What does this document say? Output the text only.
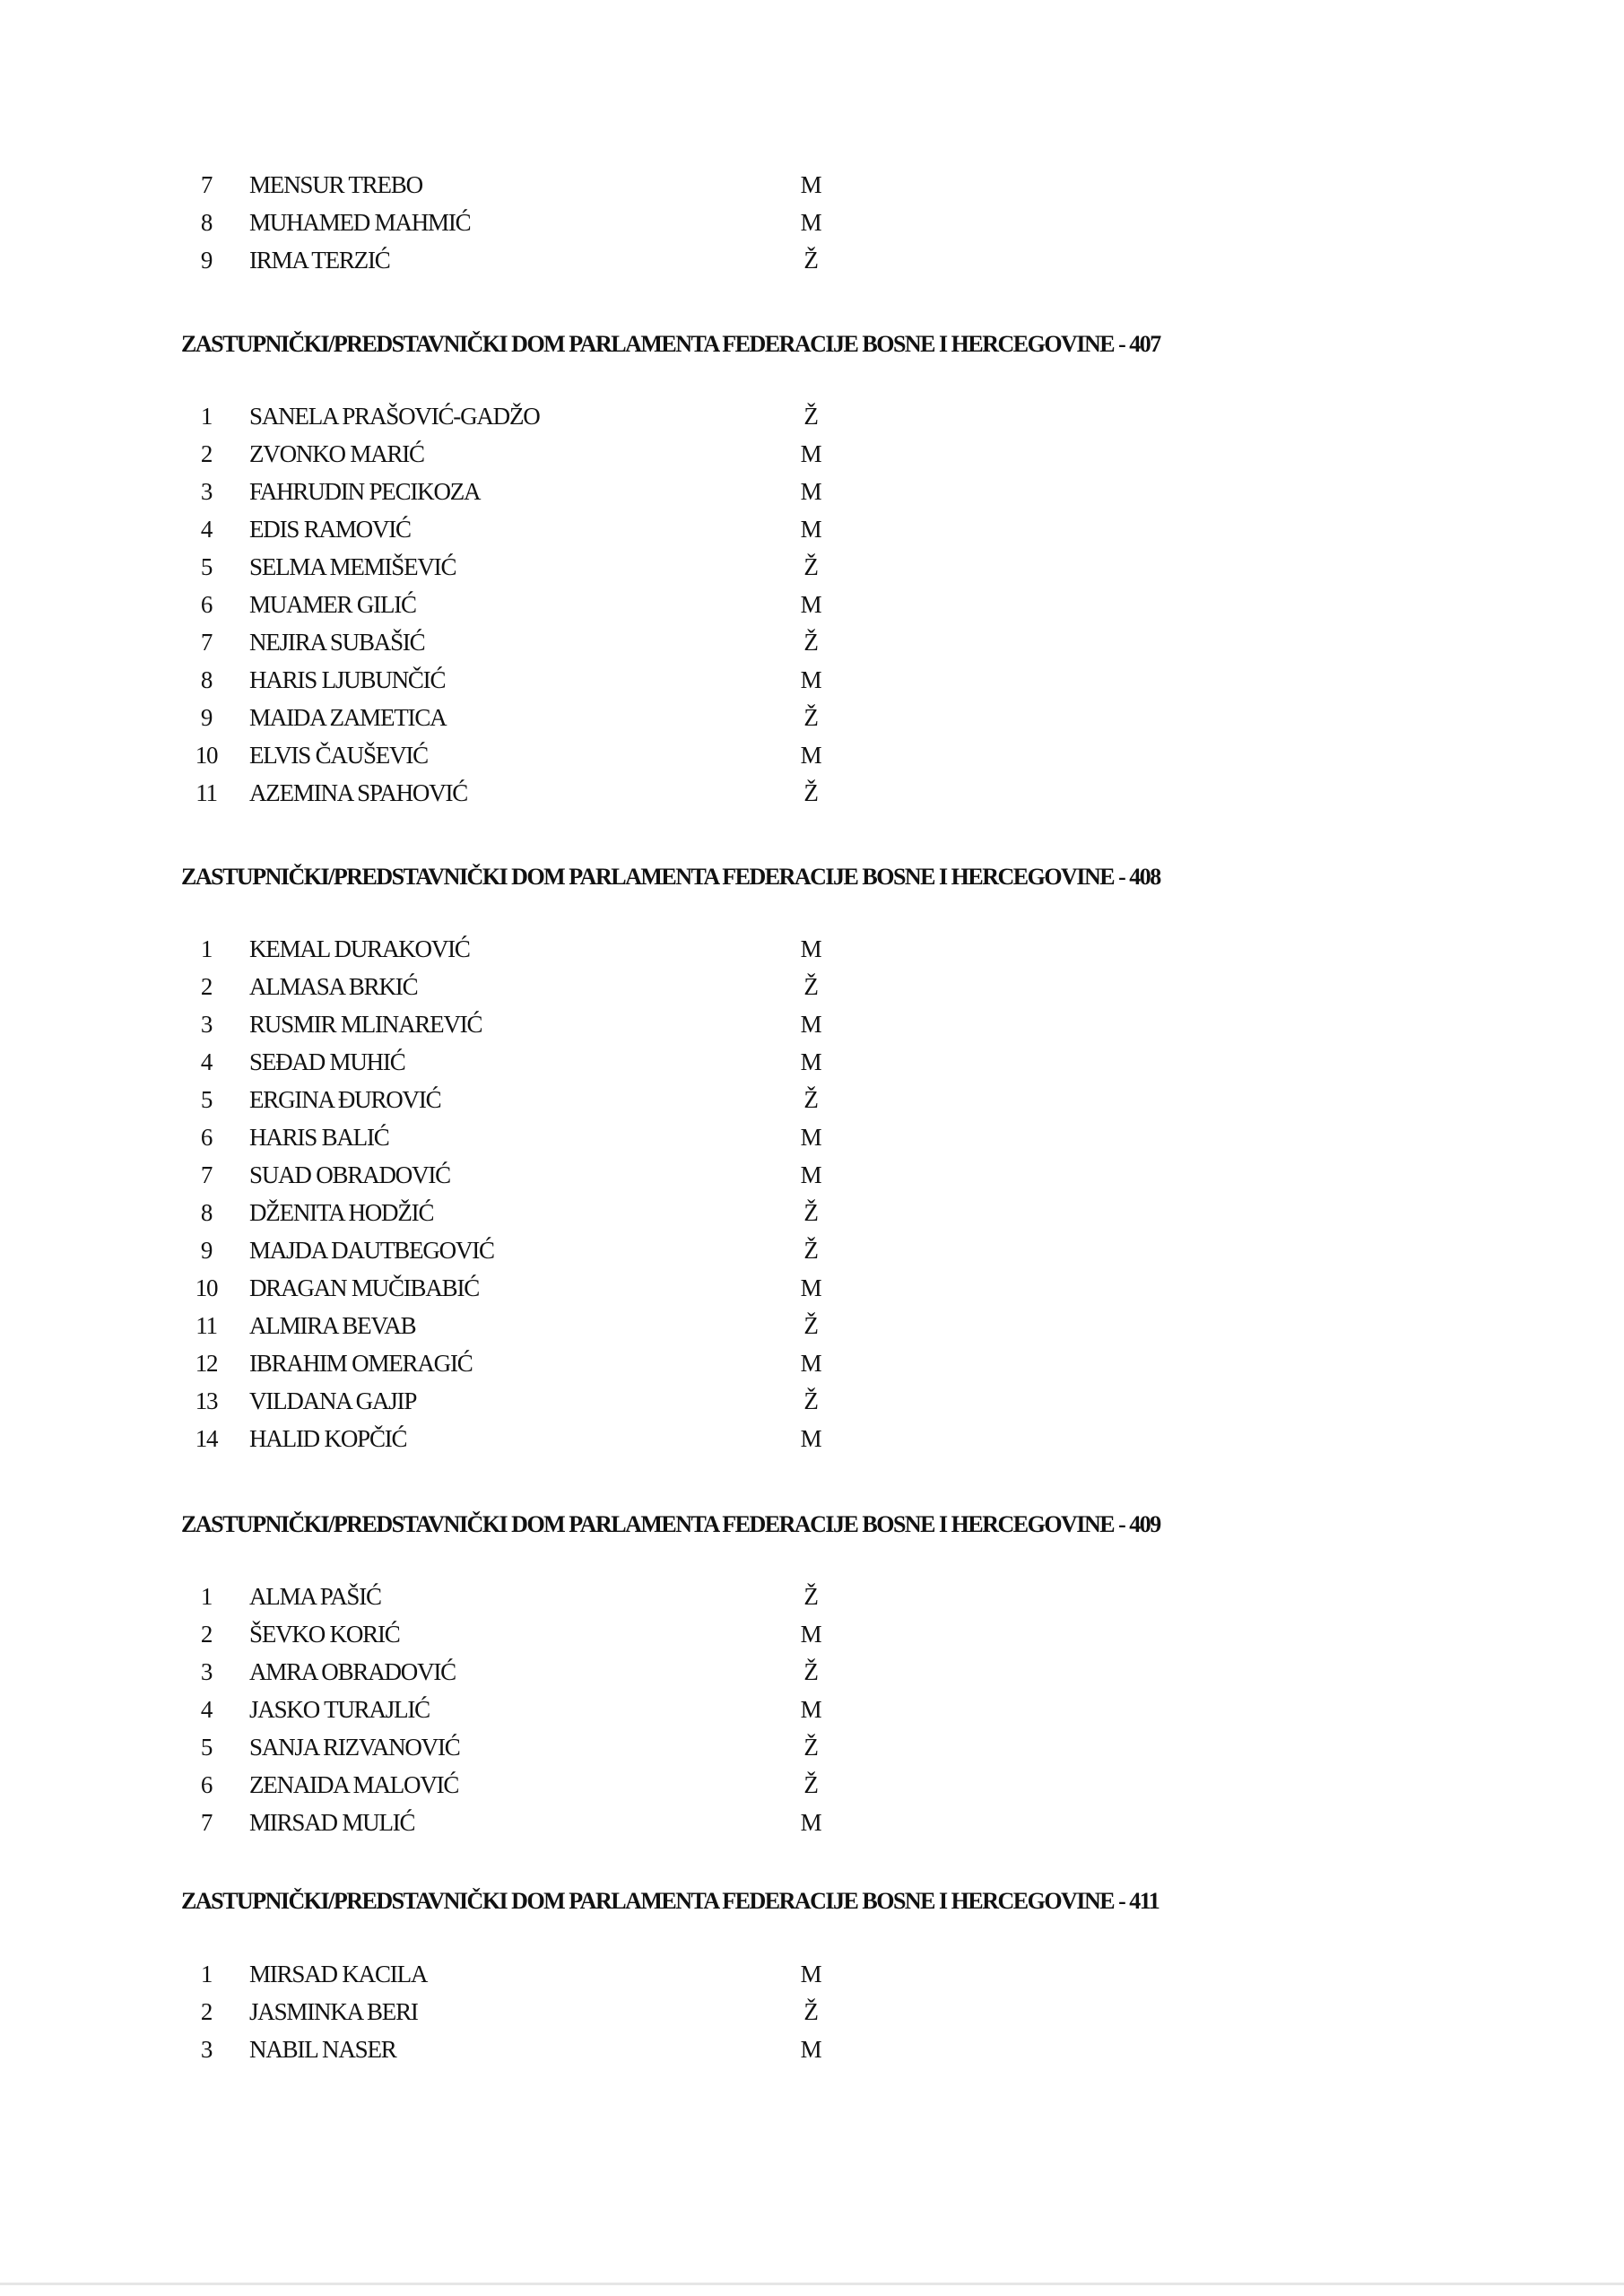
7	MENSUR TREBO	M
8	MUHAMED MAHMIĆ	M
9	IRMA TERZIĆ	Ž
ZASTUPNIČKI/PREDSTAVNIČKI DOM PARLAMENTA FEDERACIJE BOSNE I HERCEGOVINE - 407
1	SANELA PRAŠOVIĆ-GADŽO	Ž
2	ZVONKO MARIĆ	M
3	FAHRUDIN PECIKOZA	M
4	EDIS RAMOVIĆ	M
5	SELMA MEMIŠEVIĆ	Ž
6	MUAMER GILIĆ	M
7	NEJIRA SUBAŠIĆ	Ž
8	HARIS LJUBUNČIĆ	M
9	MAIDA ZAMETICA	Ž
10 ELVIS ČAUŠEVIĆ	M
11	AZEMINA SPAHOVIĆ	Ž
ZASTUPNIČKI/PREDSTAVNIČKI DOM PARLAMENTA FEDERACIJE BOSNE I HERCEGOVINE - 408
1	KEMAL DURAKOVIĆ	M
2	ALMASA BRKIĆ	Ž
3	RUSMIR MLINAREVIĆ	M
4	SEĐAD MUHIĆ	M
5	ERGINA ĐUROVIĆ	Ž
6	HARIS BALIĆ	M
7	SUAD OBRADOVIĆ	M
8	DŽENITA HODŽIĆ	Ž
9	MAJDA DAUTBEGOVIĆ	Ž
10 DRAGAN MUČIBABIĆ	M
11	ALMIRA BEVAB	Ž
12 IBRAHIM OMERAGIĆ	M
13 VILDANA GAJIP	Ž
14 HALID KOPČIĆ	M
ZASTUPNIČKI/PREDSTAVNIČKI DOM PARLAMENTA FEDERACIJE BOSNE I HERCEGOVINE - 409
1	ALMA PAŠIĆ	Ž
2	ŠEVKO KORIĆ	M
3	AMRA OBRADOVIĆ	Ž
4	JASKO TURAJLIĆ	M
5	SANJA RIZVANOVIĆ	Ž
6	ZENAIDA MALOVIĆ	Ž
7	MIRSAD MULIĆ	M
ZASTUPNIČKI/PREDSTAVNIČKI DOM PARLAMENTA FEDERACIJE BOSNE I HERCEGOVINE - 411
1	MIRSAD KACILA	M
2	JASMINKA BERI	Ž
3	NABIL NASER	M
